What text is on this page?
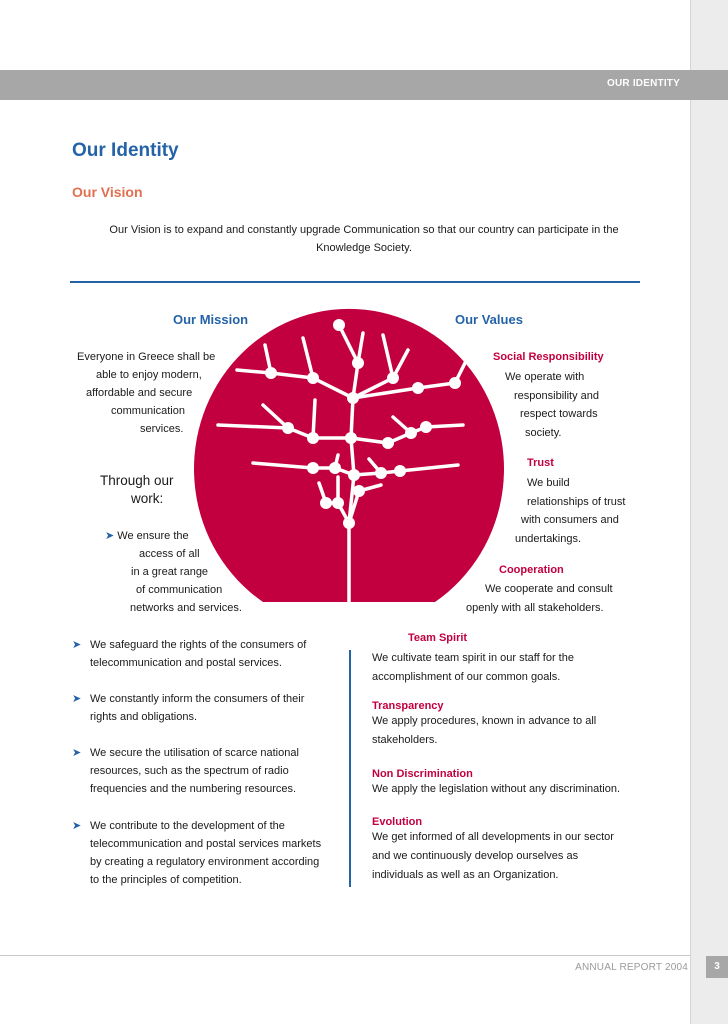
OUR IDENTITY
Our Identity
Our Vision
Our Vision is to expand and constantly upgrade Communication so that our country can participate in the
Knowledge Society.
Our Mission
Everyone in Greece shall be
able to enjoy modern,
affordable and secure
communication
services.
Through our
work:
➤ We ensure the
access of all
in a great range
of communication
networks and services.
➤ We safeguard the rights of the consumers of
telecommunication and postal services.
➤ We constantly inform the consumers of their
rights and obligations.
➤ We secure the utilisation of scarce national
resources, such as the spectrum of radio
frequencies and the numbering resources.
➤ We contribute to the development of the
telecommunication and postal services markets
by creating a regulatory environment according
to the principles of competition.
Our Values
Social Responsibility
We operate with
responsibility and
respect towards
society.
Trust
We build
relationships of trust
with consumers and
undertakings.
Cooperation
We cooperate and consult
openly with all stakeholders.
Team Spirit
We cultivate team spirit in our staff for the
accomplishment of our common goals.
Transparency
We apply procedures, known in advance to all
stakeholders.
Non Discrimination
We apply the legislation without any discrimination.
Evolution
We get informed of all developments in our sector
and we continuously develop ourselves as
individuals as well as an Organization.
ANNUAL REPORT 2004	3
